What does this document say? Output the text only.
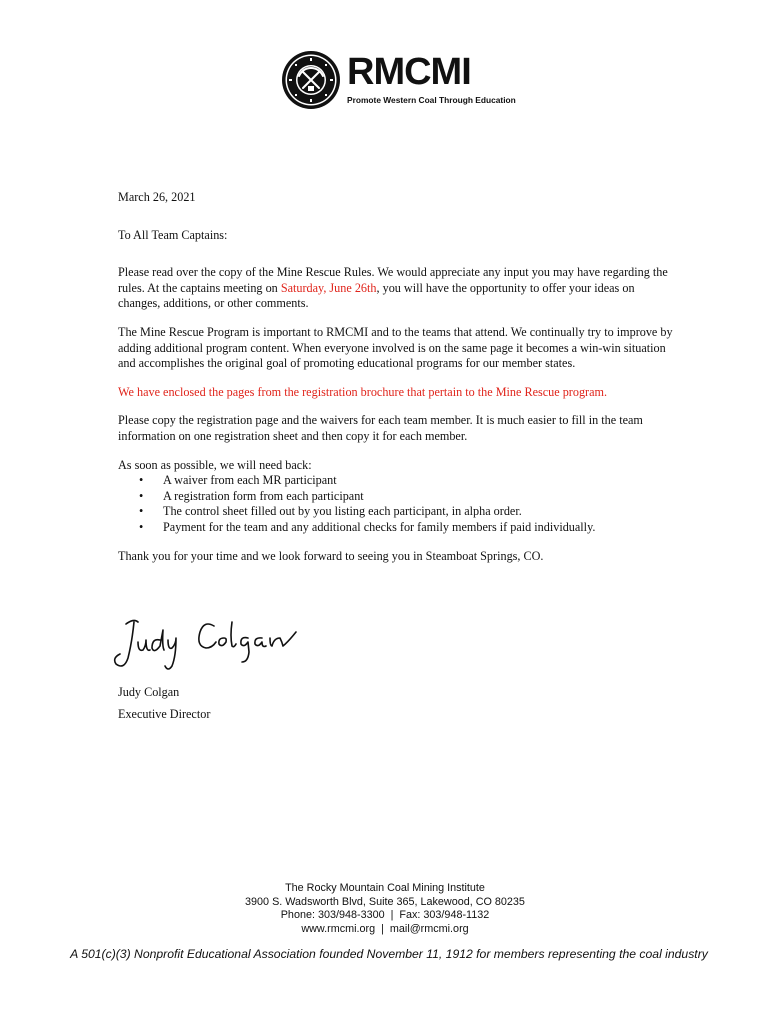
RMCMI
Promote Western Coal Through Education

March 26, 2021

To All Team Captains:

Please read over the copy of the Mine Rescue Rules. We would appreciate any input you may have regarding the rules. At the captains meeting on Saturday, June 26th, you will have the opportunity to offer your ideas on changes, additions, or other comments.

The Mine Rescue Program is important to RMCMI and to the teams that attend. We continually try to improve by adding additional program content. When everyone involved is on the same page it becomes a win-win situation and accomplishes the original goal of promoting educational programs for our member states.

We have enclosed the pages from the registration brochure that pertain to the Mine Rescue program.

Please copy the registration page and the waivers for each team member. It is much easier to fill in the team information on one registration sheet and then copy it for each member.

As soon as possible, we will need back:

• A waiver from each MR participant
• A registration form from each participant
• The control sheet filled out by you listing each participant, in alpha order.
• Payment for the team and any additional checks for family members if paid individually.

Thank you for your time and we look forward to seeing you in Steamboat Springs, CO.

Judy Colgan
Executive Director

The Rocky Mountain Coal Mining Institute

3900 S. Wadsworth Blvd, Suite 365, Lakewood, CO 80235

Phone: 303/948-3300 | Fax: 303/948-1132

www.rmcmi.org | mail@rmcmi.org

A 501(c)(3) Nonprofit Educational Association founded November 11, 1912 for members representing the coal industry
